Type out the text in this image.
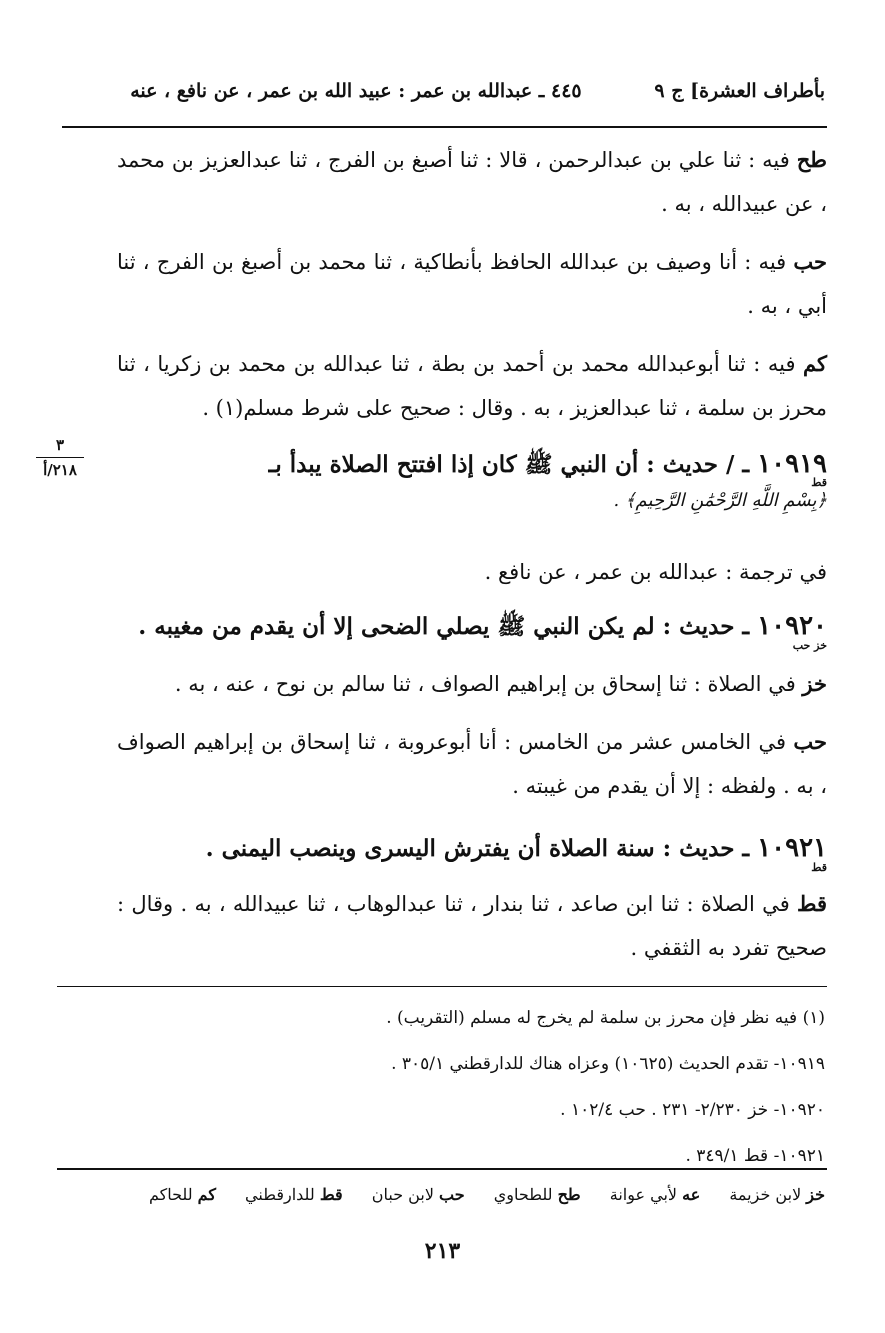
بأطراف العشرة] ج ٩           ٤٤٥ ـ عبدالله بن عمر : عبيد الله بن عمر ، عن نافع ، عنه
طح فيه : ثنا علي بن عبدالرحمن ، قالا : ثنا أصبغ بن الفرج ، ثنا عبدالعزيز بن محمد ، عن عبيدالله ، به .
حب فيه : أنا وصيف بن عبدالله الحافظ بأنطاكية ، ثنا محمد بن أصبغ بن الفرج ، ثنا أبي ، به .
كم فيه : ثنا أبوعبدالله محمد بن أحمد بن بطة ، ثنا عبدالله بن محمد بن زكريا ، ثنا محرز بن سلمة ، ثنا عبدالعزيز ، به . وقال : صحيح على شرط مسلم(١) .
١٠٩١٩ ـ / حديث : أن النبي ﷺ كان إذا افتتح الصلاة يبدأ بـ
قط
﴿بِسْمِ اللَّهِ الرَّحْمَٰنِ الرَّحِيمِ﴾ .
٣
٢١٨/أ
في ترجمة : عبدالله بن عمر ، عن نافع .
١٠٩٢٠ ـ حديث : لم يكن النبي ﷺ يصلي الضحى إلا أن يقدم من مغيبه .
خز حب
خز في الصلاة : ثنا إسحاق بن إبراهيم الصواف ، ثنا سالم بن نوح ، عنه ، به .
حب في الخامس عشر من الخامس : أنا أبوعروبة ، ثنا إسحاق بن إبراهيم الصواف ، به . ولفظه : إلا أن يقدم من غيبته .
١٠٩٢١ ـ حديث : سنة الصلاة أن يفترش اليسرى وينصب اليمنى .
قط
قط في الصلاة : ثنا ابن صاعد ، ثنا بندار ، ثنا عبدالوهاب ، ثنا عبيدالله ، به . وقال : صحيح تفرد به الثقفي .
(١) فيه نظر فإن محرز بن سلمة لم يخرج له مسلم (التقريب) .
١٠٩١٩- تقدم الحديث (١٠٦٢٥) وعزاه هناك للدارقطني ٣٠٥/١ .
١٠٩٢٠- خز ٢/٢٣٠- ٢٣١ . حب ١٠٢/٤ .
١٠٩٢١- قط ٣٤٩/١ .
خز لابن خزيمة عه لأبي عوانة طح للطحاوي حب لابن حبان قط للدارقطني كم للحاكم
٢١٣
